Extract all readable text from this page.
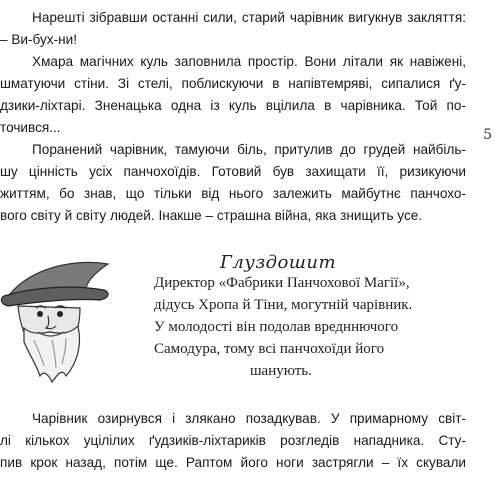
Нарешті зібравши останні сили, старий чарівник вигукнув закляття:
– Ви-бух-ни!

Хмара магічних куль заповнила простір. Вони літали як навіжені,
шматуючи стіни. Зі стелі, поблискуючи в напівтемряві, сипалися ґу-
дзики-ліхтарі. Зненацька одна із куль вцілила в чарівника. Той по-
точився...

Поранений чарівник, тамуючи біль, притулив до грудей найбіль-
шу цінність усіх панчохоїдів. Готовий був захищати її, ризикуючи
життям, бо знав, що тільки від нього залежить майбутнє панчохо-
вого світу й світу людей. Інакше – страшна війна, яка знищить усе.

5
Глуздошит
Директор «Фабрики Панчохової Магії»,
дідусь Хропа й Тіни, могутній чарівник.
У молодості він подолав вредннючого
Самодура, тому всі панчохоїди його
шанують.

Чарівник озирнувся і злякано позадкував. У примарному світ-
лі кількох уцілілих ґудзиків-ліхтариків розгледів нападника. Сту-
пив крок назад, потім ще. Раптом його ноги застрягли – їх скували
